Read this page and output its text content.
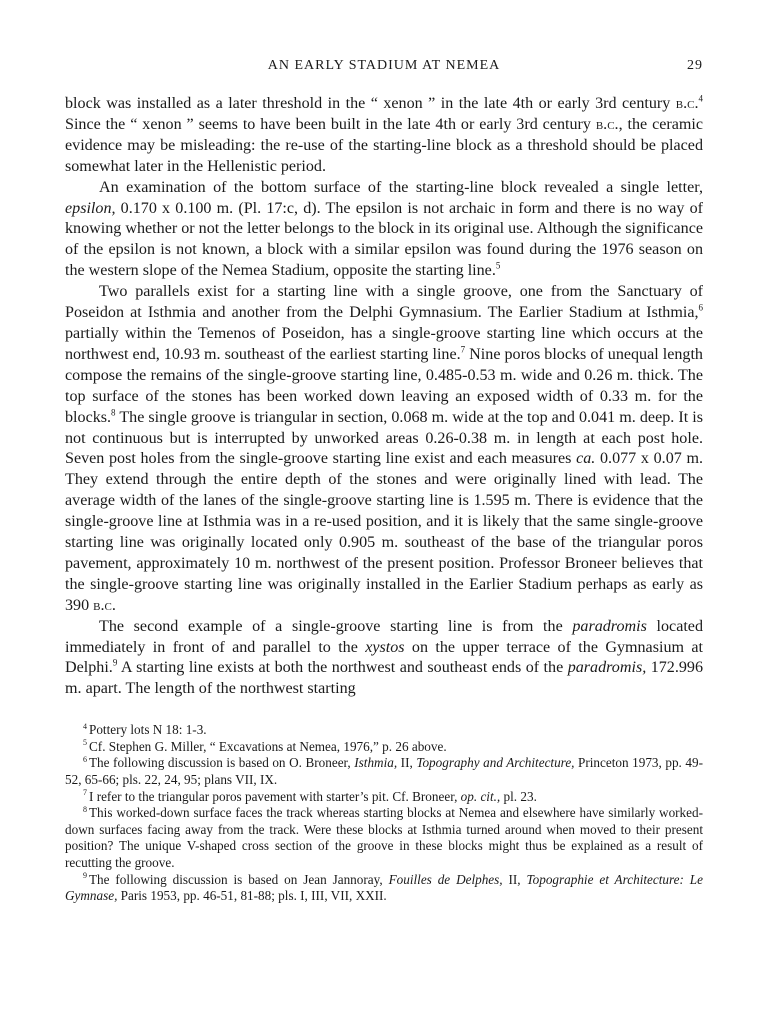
AN EARLY STADIUM AT NEMEA	29

block was installed as a later threshold in the “ xenon ” in the late 4th or early 3rd century b.c.$^4$ Since the “ xenon ” seems to have been built in the late 4th or early 3rd century b.c., the ceramic evidence may be misleading: the re-use of the starting-line block as a threshold should be placed somewhat later in the Hellenistic period.

An examination of the bottom surface of the starting-line block revealed a single letter, epsilon, 0.170 x 0.100 m. (Pl. 17:c, d). The epsilon is not archaic in form and there is no way of knowing whether or not the letter belongs to the block in its original use. Although the significance of the epsilon is not known, a block with a similar epsilon was found during the 1976 season on the western slope of the Nemea Stadium, opposite the starting line.$^5$

Two parallels exist for a starting line with a single groove, one from the Sanctuary of Poseidon at Isthmia and another from the Delphi Gymnasium. The Earlier Stadium at Isthmia,$^6$ partially within the Temenos of Poseidon, has a single-groove starting line which occurs at the northwest end, 10.93 m. southeast of the earliest starting line.$^7$ Nine poros blocks of unequal length compose the remains of the single-groove starting line, 0.485-0.53 m. wide and 0.26 m. thick. The top surface of the stones has been worked down leaving an exposed width of 0.33 m. for the blocks.$^8$ The single groove is triangular in section, 0.068 m. wide at the top and 0.041 m. deep. It is not continuous but is interrupted by unworked areas 0.26-0.38 m. in length at each post hole. Seven post holes from the single-groove starting line exist and each measures ca. 0.077 x 0.07 m. They extend through the entire depth of the stones and were originally lined with lead. The average width of the lanes of the single-groove starting line is 1.595 m. There is evidence that the single-groove line at Isthmia was in a re-used position, and it is likely that the same single-groove starting line was originally located only 0.905 m. southeast of the base of the triangular poros pavement, approximately 10 m. northwest of the present position. Professor Broneer believes that the single-groove starting line was originally installed in the Earlier Stadium perhaps as early as 390 b.c.

The second example of a single-groove starting line is from the paradromis located immediately in front of and parallel to the xystos on the upper terrace of the Gymnasium at Delphi.$^9$ A starting line exists at both the northwest and southeast ends of the paradromis, 172.996 m. apart. The length of the northwest starting

$^4$ Pottery lots N 18: 1-3.

$^5$ Cf. Stephen G. Miller, “ Excavations at Nemea, 1976,” p. 26 above.

$^6$ The following discussion is based on O. Broneer, Isthmia, II, Topography and Architecture, Princeton 1973, pp. 49-52, 65-66; pls. 22, 24, 95; plans VII, IX.

$^7$ I refer to the triangular poros pavement with starter’s pit. Cf. Broneer, op. cit., pl. 23.

$^8$ This worked-down surface faces the track whereas starting blocks at Nemea and elsewhere have similarly worked-down surfaces facing away from the track. Were these blocks at Isthmia turned around when moved to their present position? The unique V-shaped cross section of the groove in these blocks might thus be explained as a result of recutting the groove.

$^9$ The following discussion is based on Jean Jannoray, Fouilles de Delphes, II, Topographie et Architecture: Le Gymnase, Paris 1953, pp. 46-51, 81-88; pls. I, III, VII, XXII.
